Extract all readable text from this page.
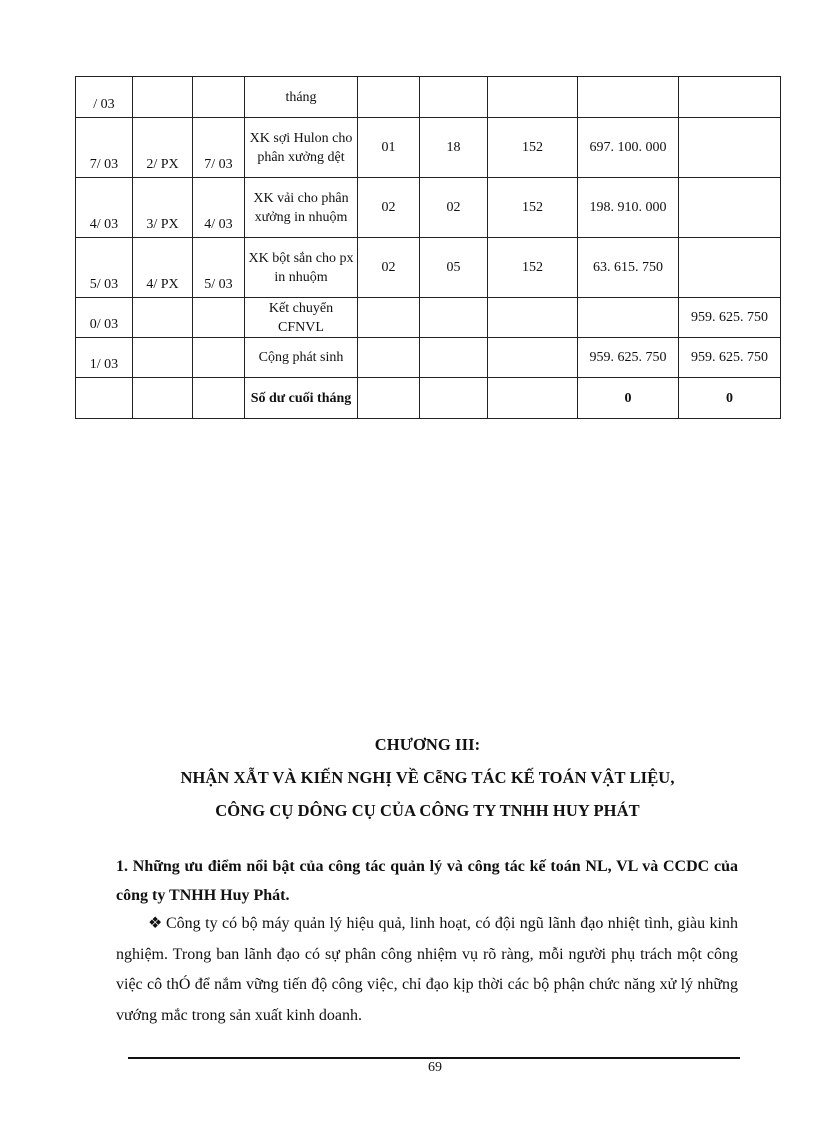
/ 03			tháng					
7/ 03	2/ PX	7/ 03	XK sợi Hulon cho phân xưởng dệt	01	18	152	697. 100. 000	
4/ 03	3/ PX	4/ 03	XK vải cho phân xưởng in nhuộm	02	02	152	198. 910. 000	
5/ 03	4/ PX	5/ 03	XK bột sắn cho px in nhuộm	02	05	152	63. 615. 750	
0/ 03			Kết chuyển CFNVL					959. 625. 750
1/ 03			Cộng phát sinh				959. 625. 750	959. 625. 750
			Số dư cuối tháng				0	0
CHƯƠNG III:
NHẬN XẪT VÀ KIẾN NGHỊ VỀ CễNG TÁC KẾ TOÁN VẬT LIỆU,
CÔNG CỤ DÔNG CỤ CỦA CÔNG TY TNHH HUY PHÁT
1. Những ưu điểm nổi bật của công tác quản lý và công tác kế toán NL, VL và CCDC của công ty TNHH Huy Phát.
❖ Công ty có bộ máy quản lý hiệu quả, linh hoạt, có đội ngũ lãnh đạo nhiệt tình, giàu kinh nghiệm. Trong ban lãnh đạo có sự phân công nhiệm vụ rõ ràng, mỗi người phụ trách một công việc cô thÓ để nắm vững tiến độ công việc, chỉ đạo kịp thời các bộ phận chức năng xử lý những vướng mắc trong sản xuất kinh doanh.
69
